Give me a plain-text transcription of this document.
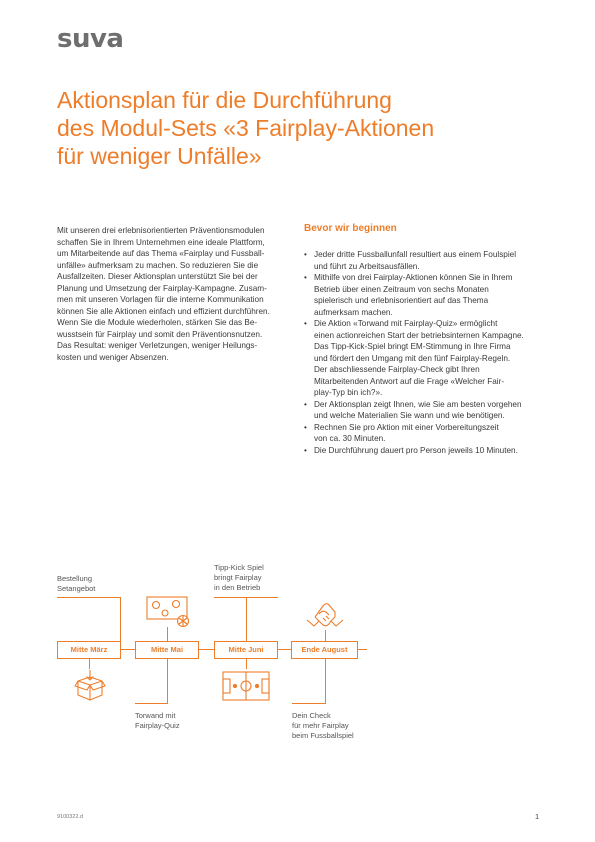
suva
Aktionsplan für die Durchführung
des Modul-Sets «3 Fairplay-Aktionen
für weniger Unfälle»
Mit unseren drei erlebnisorientierten Präventionsmodulen
schaffen Sie in Ihrem Unternehmen eine ideale Plattform,
um Mitarbeitende auf das Thema «Fairplay und Fussball-
unfälle» aufmerksam zu machen. So reduzieren Sie die
Ausfallzeiten. Dieser Aktionsplan unterstützt Sie bei der
Planung und Umsetzung der Fairplay-Kampagne. Zusam-
men mit unseren Vorlagen für die interne Kommunikation
können Sie alle Aktionen einfach und effizient durchführen.
Wenn Sie die Module wiederholen, stärken Sie das Be-
wusstsein für Fairplay und somit den Präventionsnutzen.
Das Resultat: weniger Verletzungen, weniger Heilungs-
kosten und weniger Absenzen.
Bevor wir beginnen
• Jeder dritte Fussballunfall resultiert aus einem Foulspiel
und führt zu Arbeitsausfällen.
• Mithilfe von drei Fairplay-Aktionen können Sie in Ihrem
Betrieb über einen Zeitraum von sechs Monaten
spielerisch und erlebnisorientiert auf das Thema
aufmerksam machen.
• Die Aktion «Torwand mit Fairplay-Quiz» ermöglicht
einen actionreichen Start der betriebsinternen Kampagne.
Das Tipp-Kick-Spiel bringt EM-Stimmung in Ihre Firma
und fördert den Umgang mit den fünf Fairplay-Regeln.
Der abschliessende Fairplay-Check gibt Ihren
Mitarbeitenden Antwort auf die Frage «Welcher Fair-
play-Typ bin ich?».
• Der Aktionsplan zeigt Ihnen, wie Sie am besten vorgehen
und welche Materialien Sie wann und wie benötigen.
• Rechnen Sie pro Aktion mit einer Vorbereitungszeit
von ca. 30 Minuten.
• Die Durchführung dauert pro Person jeweils 10 Minuten.
Bestellung
Setangebot
Mitte März	Mitte Mai
Torwand mit
Fairplay-Quiz
Tipp-Kick Spiel
bringt Fairplay
in den Betrieb
Mitte Juni	Ende August
Dein Check
für mehr Fairplay
beim Fussballspiel
9100322.d	1
